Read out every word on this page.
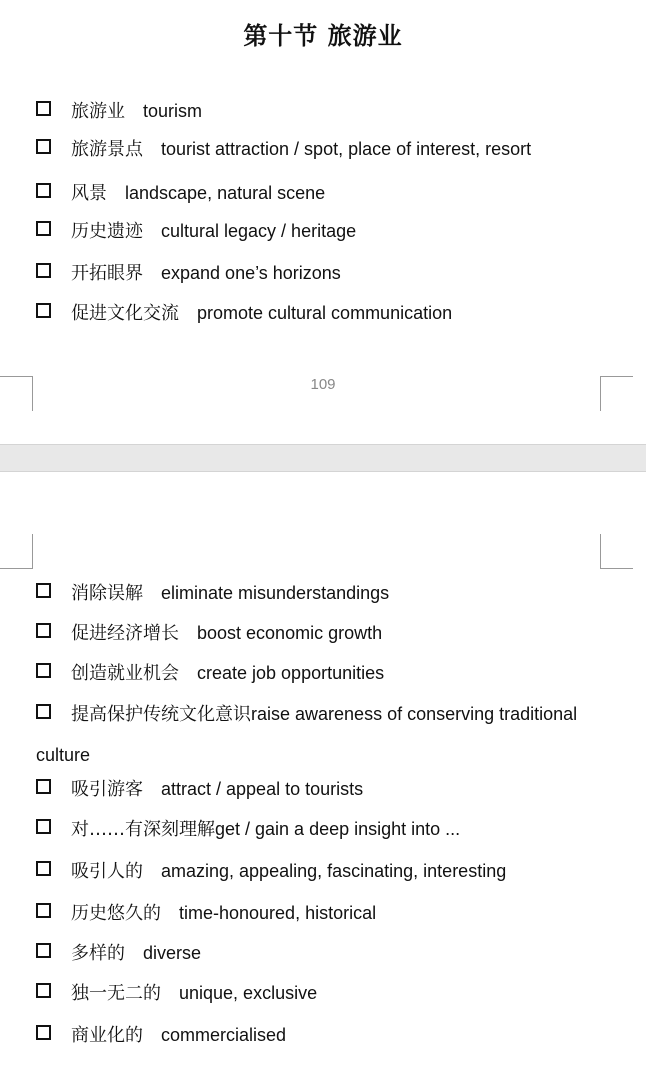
第十节 旅游业
旅游业 tourism
旅游景点 tourist attraction / spot, place of interest, resort
风景 landscape, natural scene
历史遗迹 cultural legacy / heritage
开拓眼界 expand one’s horizons
促进文化交流 promote cultural communication
109
消除误解 eliminate misunderstandings
促进经济增长 boost economic growth
创造就业机会 create job opportunities
提高保护传统文化意识raise awareness of conserving traditional culture
吸引游客 attract / appeal to tourists
对……有深刻理解get / gain a deep insight into ...
吸引人的 amazing, appealing, fascinating, interesting
历史悠久的 time-honoured, historical
多样的 diverse
独一无二的 unique, exclusive
商业化的 commercialised
